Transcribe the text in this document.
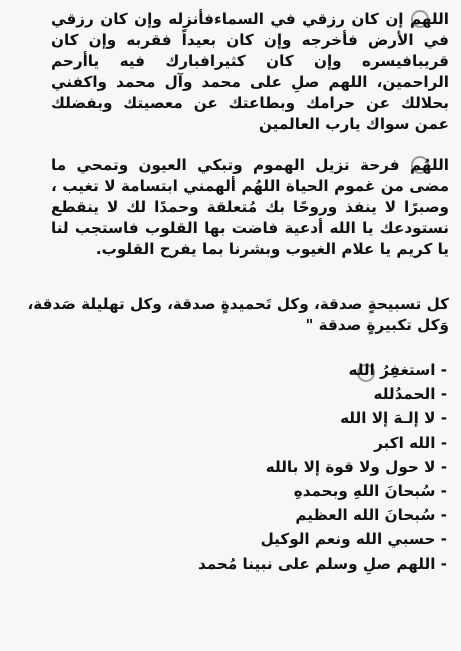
اللهم إن كان رزقي في السماءفأنزله وإن كان رزقي في الأرض فأخرجه وإن كان بعيداً فقربه وإن كان قريبافيسره وإن كان كثيرافبارك فيه ياأرحم الراحمين، اللهم صلِ على محمد وآل محمد واكفني بحلالك عن حرامك وبطاعتك عن معصيتك وبفضلك عمن سواك يارب العالمين
اللهُم فرحة تزيل الهموم وتبكي العيون وتمحي ما مضى من غموم الحياة اللهُم ألهمني ابتسامة لا تغيب ، وصبرًا لا ينفذ وروحًا بك مُتعلقة وحمدًا لك لا ينقطع نستودعك يا الله أدعية فاضت بها القلوب فاستجب لنا يا كريم يا علام الغيوب وبشرنا بما يفرح القلوب.
كل تسبيحةٍ صدقة، وكل تَحميدةٍ صدقة، وكل تهليلة صَدقة، وَكل تكبيرةٍ صدقة "
- استغفِرُ الله
- الحمدُلله
- لا إلـهَ إلا الله
- الله اكبر
- لا حول ولا قوة إلا بالله
- سُبحانَ اللهِ وبحمدهِ
- سُبحانَ الله العظيم
- حسبي الله ونعم الوكيل
- اللهم صلِ وسلم على نبينا مُحمد
